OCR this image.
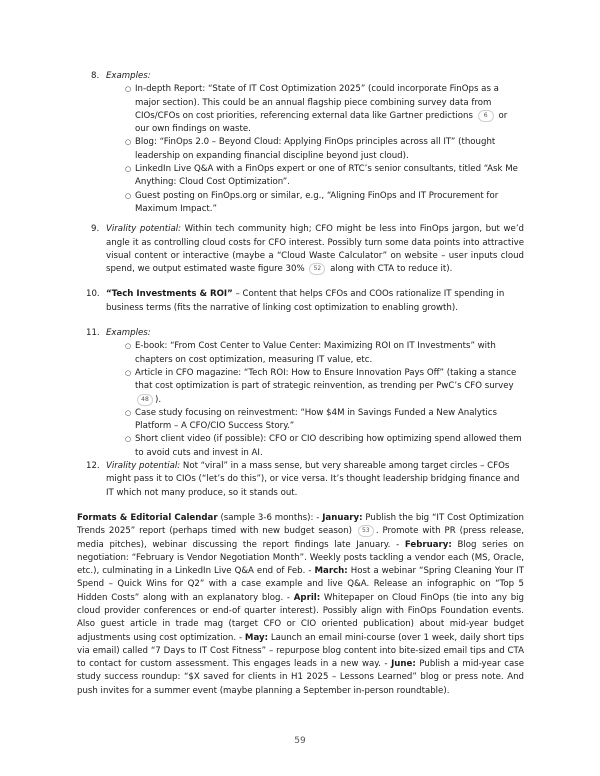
8. Examples:
○ In-depth Report: “State of IT Cost Optimization 2025” (could incorporate FinOps as a major section). This could be an annual flagship piece combining survey data from CIOs/CFOs on cost priorities, referencing external data like Gartner predictions 6 or our own findings on waste.
○ Blog: “FinOps 2.0 – Beyond Cloud: Applying FinOps principles across all IT” (thought leadership on expanding financial discipline beyond just cloud).
○ LinkedIn Live Q&A with a FinOps expert or one of RTC’s senior consultants, titled “Ask Me Anything: Cloud Cost Optimization”.
○ Guest posting on FinOps.org or similar, e.g., “Aligning FinOps and IT Procurement for Maximum Impact.”
9. Virality potential: Within tech community high; CFO might be less into FinOps jargon, but we’d angle it as controlling cloud costs for CFO interest. Possibly turn some data points into attractive visual content or interactive (maybe a “Cloud Waste Calculator” on website – user inputs cloud spend, we output estimated waste figure 30% 52 along with CTA to reduce it).
10. “Tech Investments & ROI” – Content that helps CFOs and COOs rationalize IT spending in business terms (fits the narrative of linking cost optimization to enabling growth).
11. Examples:
○ E-book: “From Cost Center to Value Center: Maximizing ROI on IT Investments” with chapters on cost optimization, measuring IT value, etc.
○ Article in CFO magazine: “Tech ROI: How to Ensure Innovation Pays Off” (taking a stance that cost optimization is part of strategic reinvention, as trending per PwC’s CFO survey 48 ).
○ Case study focusing on reinvestment: “How $4M in Savings Funded a New Analytics Platform – A CFO/CIO Success Story.”
○ Short client video (if possible): CFO or CIO describing how optimizing spend allowed them to avoid cuts and invest in AI.
12. Virality potential: Not “viral” in a mass sense, but very shareable among target circles – CFOs might pass it to CIOs (“let’s do this”), or vice versa. It’s thought leadership bridging finance and IT which not many produce, so it stands out.

Formats & Editorial Calendar (sample 3-6 months): - January: Publish the big “IT Cost Optimization Trends 2025” report (perhaps timed with new budget season) 53 . Promote with PR (press release, media pitches), webinar discussing the report findings late January. - February: Blog series on negotiation: “February is Vendor Negotiation Month”. Weekly posts tackling a vendor each (MS, Oracle, etc.), culminating in a LinkedIn Live Q&A end of Feb. - March: Host a webinar “Spring Cleaning Your IT Spend – Quick Wins for Q2” with a case example and live Q&A. Release an infographic on “Top 5 Hidden Costs” along with an explanatory blog. - April: Whitepaper on Cloud FinOps (tie into any big cloud provider conferences or end-of quarter interest). Possibly align with FinOps Foundation events. Also guest article in trade mag (target CFO or CIO oriented publication) about mid-year budget adjustments using cost optimization. - May: Launch an email mini-course (over 1 week, daily short tips via email) called “7 Days to IT Cost Fitness” – repurpose blog content into bite-sized email tips and CTA to contact for custom assessment. This engages leads in a new way. - June: Publish a mid-year case study success roundup: “$X saved for clients in H1 2025 – Lessons Learned” blog or press note. And push invites for a summer event (maybe planning a September in-person roundtable).

59
